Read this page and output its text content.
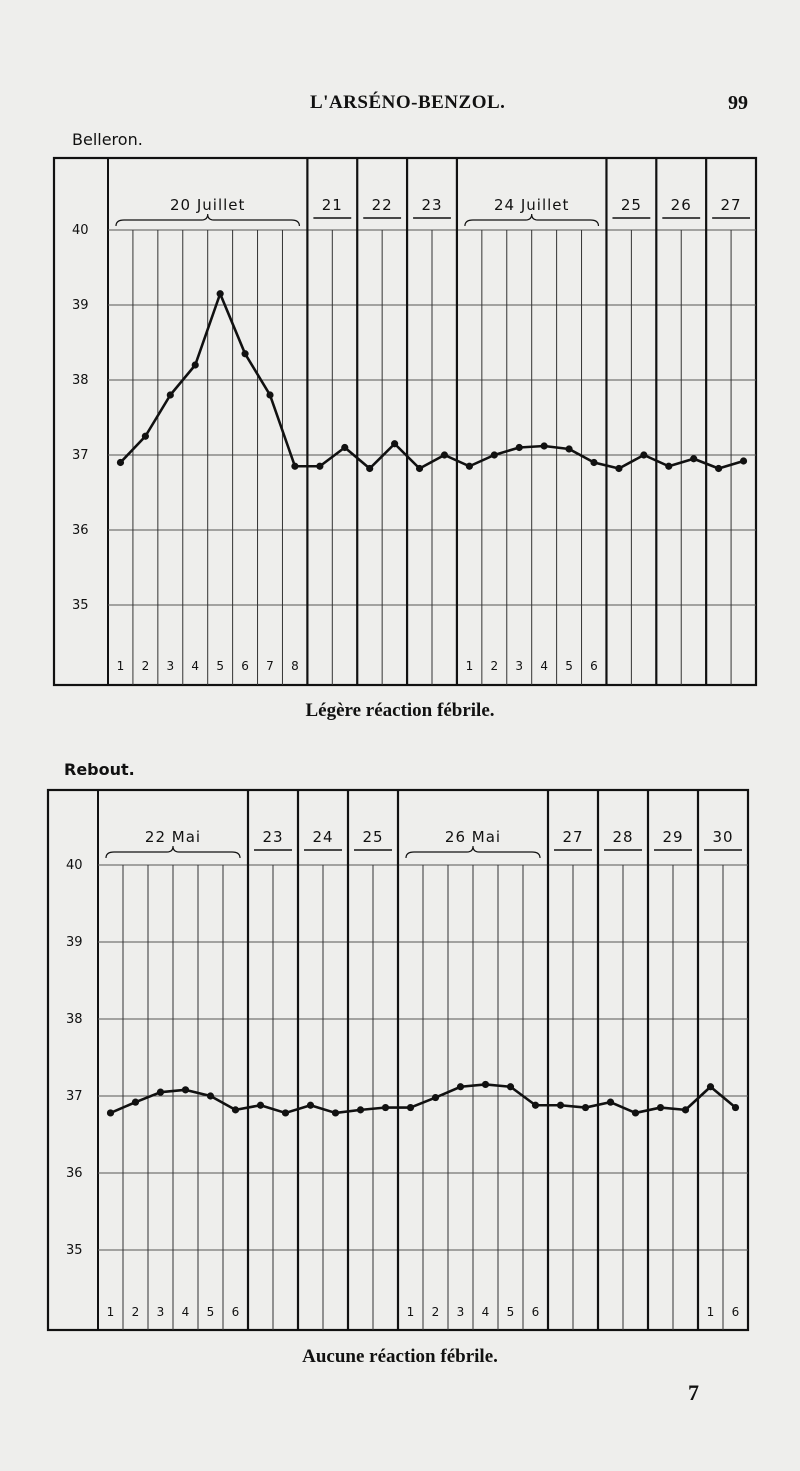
L'ARSÉNO-BENZOL.	99
Belleron.
40
39
38
37
36
35
20 Juillet	21 22 23	24 Juillet	25 26 27
1 2 3 4 5 6 7 8	1 2 3 4 5 6
Légère réaction fébrile.
Rebout.
40
39
38
37
36
35
22 Mai	23 24 25	26 Mai	27 28 29 30
1 2 3 4 5 6	1 2 3 4 5 6	1 6
Aucune réaction fébrile.
7
